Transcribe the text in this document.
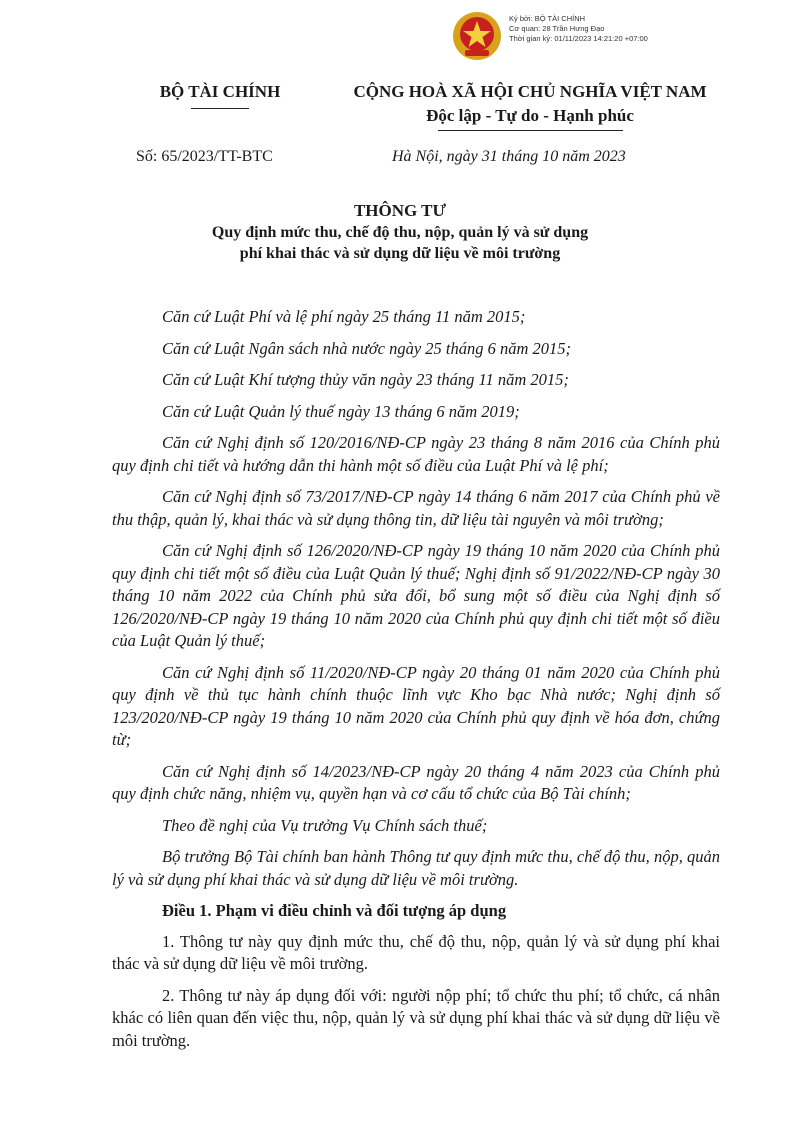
Ký bởi: BỘ TÀI CHÍNH
Cơ quan: 28 Trần Hưng Đạo
Thời gian ký: 01/11/2023 14:21:20 +07:00
BỘ TÀI CHÍNH	CỘNG HOÀ XÃ HỘI CHỦ NGHĨA VIỆT NAM
Độc lập - Tự do - Hạnh phúc
Số: 65/2023/TT-BTC	Hà Nội, ngày 31 tháng 10 năm 2023
THÔNG TƯ
Quy định mức thu, chế độ thu, nộp, quản lý và sử dụng
phí khai thác và sử dụng dữ liệu về môi trường

Căn cứ Luật Phí và lệ phí ngày 25 tháng 11 năm 2015;

Căn cứ Luật Ngân sách nhà nước ngày 25 tháng 6 năm 2015;

Căn cứ Luật Khí tượng thủy văn ngày 23 tháng 11 năm 2015;

Căn cứ Luật Quản lý thuế ngày 13 tháng 6 năm 2019;

Căn cứ Nghị định số 120/2016/NĐ-CP ngày 23 tháng 8 năm 2016 của Chính phủ quy định chi tiết và hướng dẫn thi hành một số điều của Luật Phí và lệ phí;

Căn cứ Nghị định số 73/2017/NĐ-CP ngày 14 tháng 6 năm 2017 của Chính phủ về thu thập, quản lý, khai thác và sử dụng thông tin, dữ liệu tài nguyên và môi trường;

Căn cứ Nghị định số 126/2020/NĐ-CP ngày 19 tháng 10 năm 2020 của Chính phủ quy định chi tiết một số điều của Luật Quản lý thuế; Nghị định số 91/2022/NĐ-CP ngày 30 tháng 10 năm 2022 của Chính phủ sửa đổi, bổ sung một số điều của Nghị định số 126/2020/NĐ-CP ngày 19 tháng 10 năm 2020 của Chính phủ quy định chi tiết một số điều của Luật Quản lý thuế;

Căn cứ Nghị định số 11/2020/NĐ-CP ngày 20 tháng 01 năm 2020 của Chính phủ quy định về thủ tục hành chính thuộc lĩnh vực Kho bạc Nhà nước; Nghị định số 123/2020/NĐ-CP ngày 19 tháng 10 năm 2020 của Chính phủ quy định về hóa đơn, chứng từ;

Căn cứ Nghị định số 14/2023/NĐ-CP ngày 20 tháng 4 năm 2023 của Chính phủ quy định chức năng, nhiệm vụ, quyền hạn và cơ cấu tổ chức của Bộ Tài chính;

Theo đề nghị của Vụ trưởng Vụ Chính sách thuế;

Bộ trưởng Bộ Tài chính ban hành Thông tư quy định mức thu, chế độ thu, nộp, quản lý và sử dụng phí khai thác và sử dụng dữ liệu về môi trường.

Điều 1. Phạm vi điều chỉnh và đối tượng áp dụng

1. Thông tư này quy định mức thu, chế độ thu, nộp, quản lý và sử dụng phí khai thác và sử dụng dữ liệu về môi trường.

2. Thông tư này áp dụng đối với: người nộp phí; tổ chức thu phí; tổ chức, cá nhân khác có liên quan đến việc thu, nộp, quản lý và sử dụng phí khai thác và sử dụng dữ liệu về môi trường.
